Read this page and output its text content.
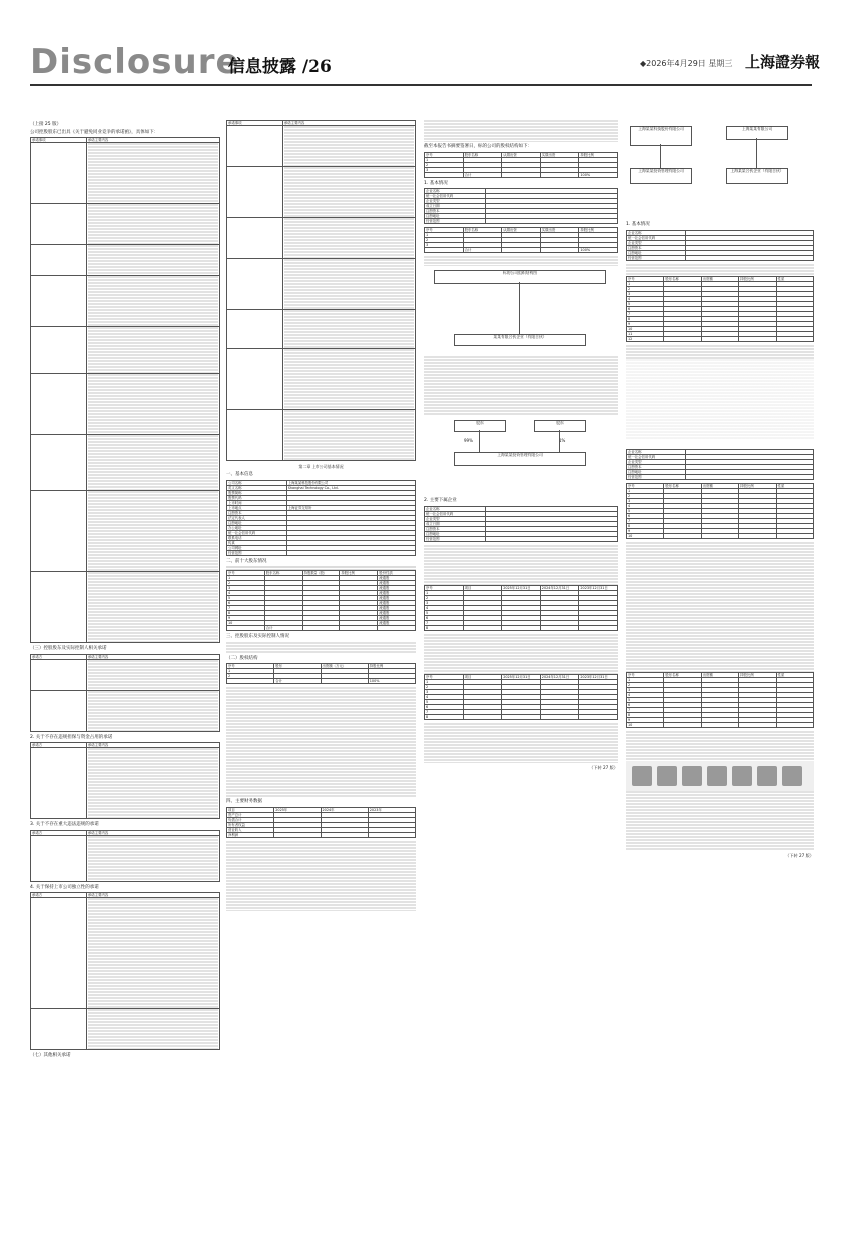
Disclosure
信息披露 /26	◆2026年4月29日 星期三 上海證券報
（上接 25 版）
公司控股股东已出具《关于避免同业竞争的承诺函》，具体如下：
承诺事项	承诺主要内容

（三）控股股东及实际控制人相关承诺
承诺方	承诺主要内容

2. 关于不存在违规担保与资金占用的承诺
承诺方	承诺主要内容

3. 关于不存在重大违法违规的承诺
承诺方	承诺主要内容

4. 关于保持上市公司独立性的承诺
承诺方	承诺主要内容

（七）其他相关承诺
承诺事项	承诺主要内容

第二章 上市公司基本情况
一、基本信息
公司名称	上海某某科技股份有限公司
英文名称	Shanghai Technology Co., Ltd.
股票简称	
股票代码	
上市时间	
上市地点	上海证券交易所
注册资本	
法定代表人	
注册地址	
办公地址	
统一社会信用代码	
联系电话	
传真	
公司网址	
经营范围	
二、前十大股东情况
序号	股东名称	持股数量（股）	持股比例	股份性质
1				流通股
2				流通股
3				流通股
4				流通股
5				流通股
6				流通股
7				流通股
8				流通股
9				流通股
10				流通股
	合计			
三、控股股东及实际控制人情况
（二）股权结构
序号	股东	出资额（万元）	持股比例
1			
2			
	合计		100%
四、主要财务数据
项目	2025年	2024年	2023年
资产总计			
负债合计			
所有者权益			
营业收入			
净利润			
截至本报告书摘要签署日，标的公司的股权结构如下：
序号	股东名称	认缴出资	实缴出资	持股比例
1				
2				
3				
	合计			100%
1. 基本情况
企业名称	
统一社会信用代码	
企业类型	
成立日期	
注册资本	
注册地址	
经营范围	
序号	股东名称	认缴出资	实缴出资	持股比例
1				
2				
3				
	合计			100%
标的公司组织结构图
某某有限合伙企业（有限合伙）
股东	股东
99%	1%
上海某某投资管理有限公司
2. 主要下属企业
企业名称	
统一社会信用代码	
企业类型	
成立日期	
注册资本	
注册地址	
经营范围	
序号	项目	2025年12月31日	2024年12月31日	2023年12月31日
1				
2				
3				
4				
5				
6				
7				
8				
序号	项目	2025年12月31日	2024年12月31日	2023年12月31日
1				
2				
3				
4				
5				
6				
7				
8				
（下转 27 版）
上海某某科技股份有限公司	上海某某有限公司
上海某某投资管理有限公司	上海某某合伙企业（有限合伙）
1. 基本情况
企业名称	
统一社会信用代码	
企业类型	
注册资本	
注册地址	
经营范围	
序号	股东名称	出资额	持股比例	性质
1				
2				
3				
4				
5				
6				
7				
8				
9				
10				
11				
12				
企业名称	
统一社会信用代码	
企业类型	
注册资本	
注册地址	
经营范围	
序号	股东名称	出资额	持股比例	性质
1				
2				
3				
4				
5				
6				
7				
8				
9				
10				
序号	股东名称	出资额	持股比例	性质
1				
2				
3				
4				
5				
6				
7				
8				
9				
10				
（下转 27 版）
